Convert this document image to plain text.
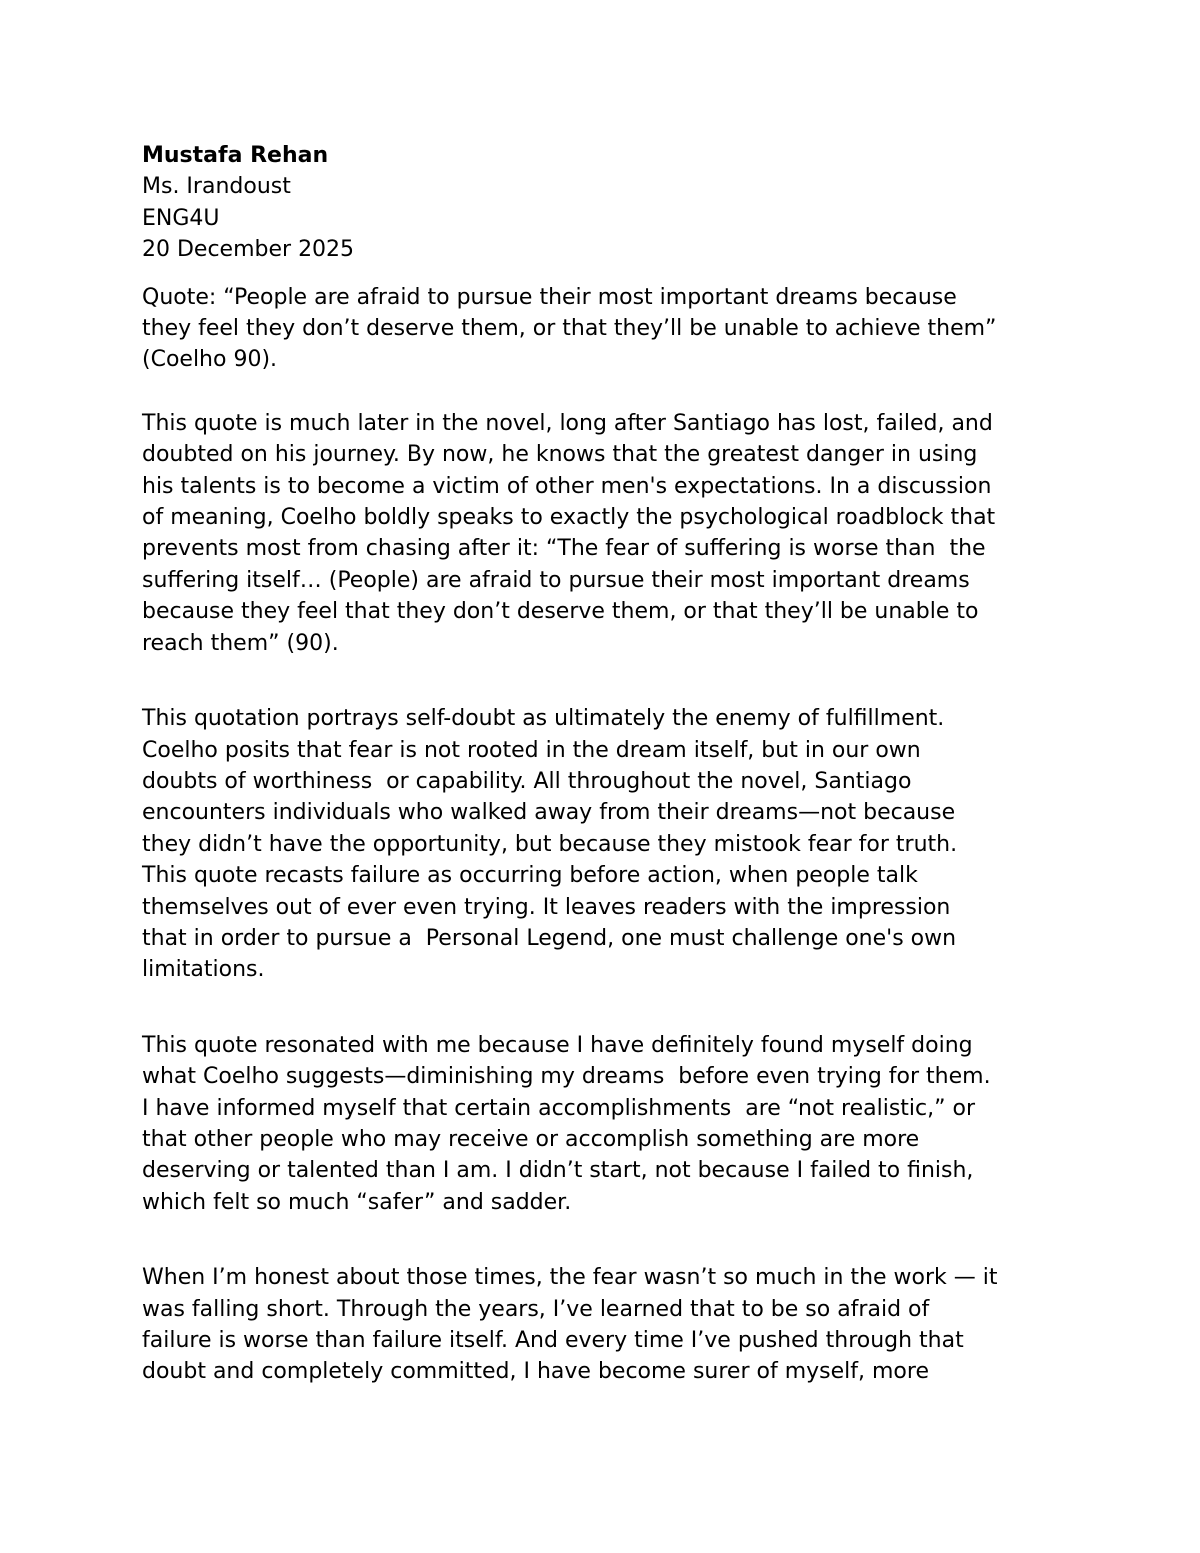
Mustafa Rehan
Ms. Irandoust
ENG4U
20 December 2025
Quote: “People are afraid to pursue their most important dreams because
they feel they don’t deserve them, or that they’ll be unable to achieve them”
(Coelho 90).
This quote is much later in the novel, long after Santiago has lost, failed, and
doubted on his journey. By now, he knows that the greatest danger in using
his talents is to become a victim of other men's expectations. In a discussion
of meaning, Coelho boldly speaks to exactly the psychological roadblock that
prevents most from chasing after it: “The fear of suffering is worse than  the
suffering itself… (People) are afraid to pursue their most important dreams
because they feel that they don’t deserve them, or that they’ll be unable to
reach them” (90).
This quotation portrays self-doubt as ultimately the enemy of fulfillment.
Coelho posits that fear is not rooted in the dream itself, but in our own
doubts of worthiness  or capability. All throughout the novel, Santiago
encounters individuals who walked away from their dreams—not because
they didn’t have the opportunity, but because they mistook fear for truth.
This quote recasts failure as occurring before action, when people talk
themselves out of ever even trying. It leaves readers with the impression
that in order to pursue a  Personal Legend, one must challenge one's own
limitations.
This quote resonated with me because I have definitely found myself doing
what Coelho suggests—diminishing my dreams  before even trying for them.
I have informed myself that certain accomplishments  are “not realistic,” or
that other people who may receive or accomplish something are more
deserving or talented than I am. I didn’t start, not because I failed to finish,
which felt so much “safer” and sadder.
When I’m honest about those times, the fear wasn’t so much in the work — it
was falling short. Through the years, I’ve learned that to be so afraid of
failure is worse than failure itself. And every time I’ve pushed through that
doubt and completely committed, I have become surer of myself, more
